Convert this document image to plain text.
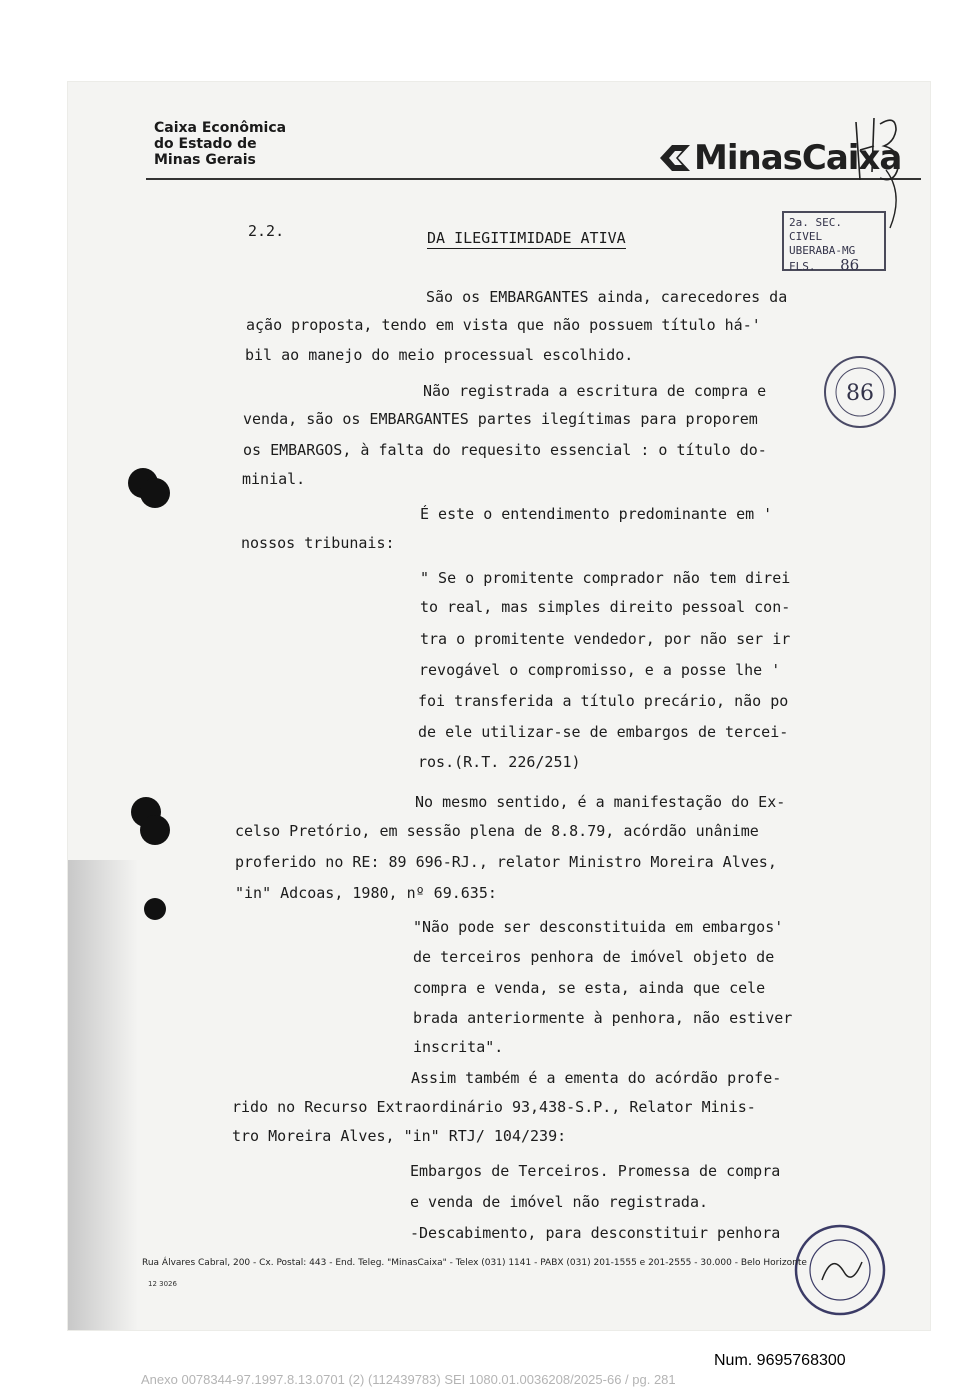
Caixa Econômica
do Estado de
Minas Gerais	MinasCaixa
2a. SEC. CIVEL
UBERABA-MG
FLS. 86
86
2.2.	DA ILEGITIMIDADE ATIVA
São os EMBARGANTES ainda, carecedores da
ação proposta, tendo em vista que não possuem título há-'
bil ao manejo do meio processual escolhido.
Não registrada a escritura de compra e
venda, são os EMBARGANTES partes ilegítimas para proporem
os EMBARGOS, à falta do requesito essencial : o título do-
minial.
É este o entendimento predominante em '
nossos tribunais:
" Se o promitente comprador não tem direi
to real, mas simples direito pessoal con-
tra o promitente vendedor, por não ser ir
revogável o compromisso, e a posse lhe '
foi transferida a título precário, não po
de ele utilizar-se de embargos de tercei-
ros.(R.T. 226/251)
No mesmo sentido, é a manifestação do Ex-
celso Pretório, em sessão plena de 8.8.79, acórdão unânime
proferido no RE: 89 696-RJ., relator Ministro Moreira Alves,
"in" Adcoas, 1980, nº 69.635:
"Não pode ser desconstituida em embargos'
de terceiros penhora de imóvel objeto de
compra e venda, se esta, ainda que cele
brada anteriormente à penhora, não estiver
inscrita".
Assim também é a ementa do acórdão profe-
rido no Recurso Extraordinário 93,438-S.P., Relator Minis-
tro Moreira Alves, "in" RTJ/ 104/239:
Embargos de Terceiros. Promessa de compra
e venda de imóvel não registrada.
-Descabimento, para desconstituir penhora
Rua Álvares Cabral, 200 - Cx. Postal: 443 - End. Teleg. "MinasCaixa" - Telex (031) 1141 - PABX (031) 201-1555 e 201-2555 - 30.000 - Belo Horizonte
12 3026
Num. 9695768300
Anexo 0078344-97.1997.8.13.0701 (2) (112439783) SEI 1080.01.0036208/2025-66 / pg. 281
